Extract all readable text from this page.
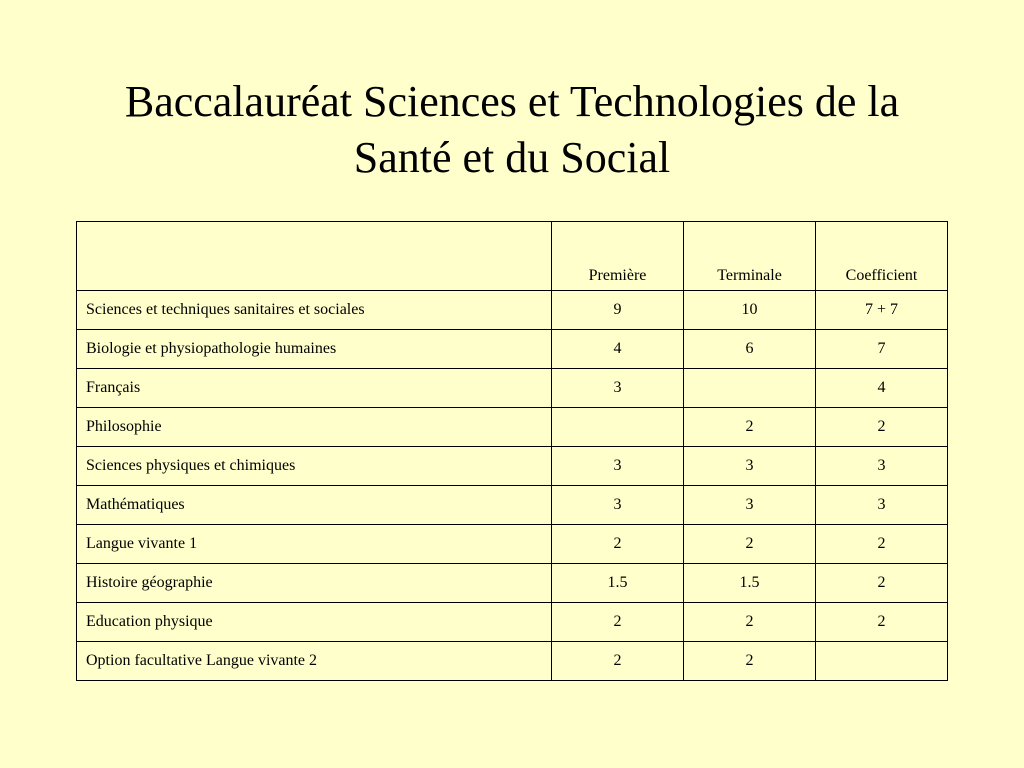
Baccalauréat Sciences et Technologies de la
Santé et du Social
	Première	Terminale	Coefficient
Sciences et techniques sanitaires et sociales	9	10	7 + 7
Biologie et physiopathologie humaines	4	6	7
Français	3		4
Philosophie		2	2
Sciences physiques et chimiques	3	3	3
Mathématiques	3	3	3
Langue vivante 1	2	2	2
Histoire géographie	1.5	1.5	2
Education physique	2	2	2
Option facultative Langue vivante 2	2	2	
